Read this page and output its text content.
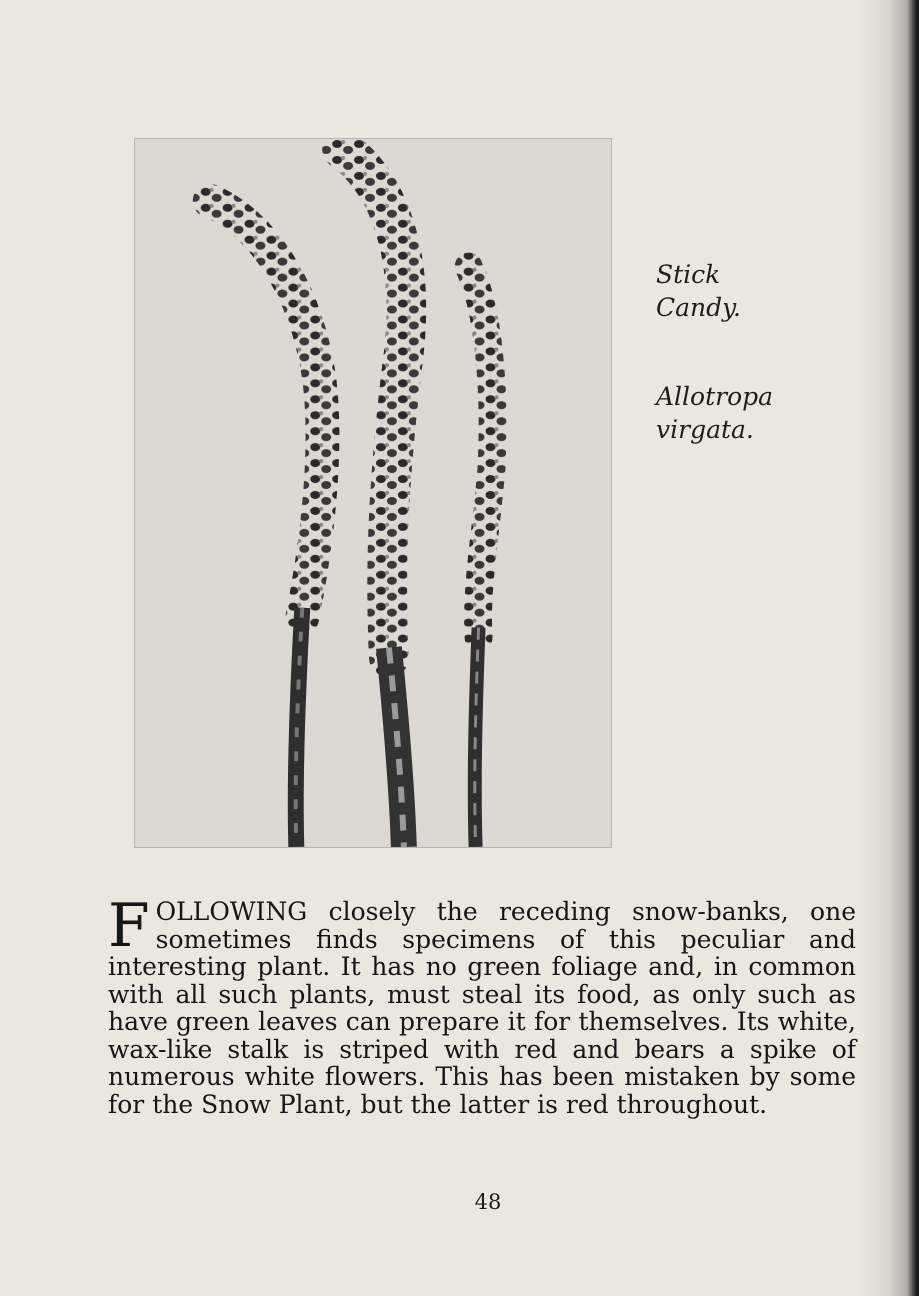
Stick
Candy.
Allotropa
virgata.
FOLLOWING closely the receding snow-banks, one sometimes finds specimens of this peculiar and interesting plant. It has no green foliage and, in common with all such plants, must steal its food, as only such as have green leaves can prepare it for themselves. Its white, wax-like stalk is striped with red and bears a spike of numerous white flowers. This has been mistaken by some for the Snow Plant, but the latter is red throughout.
48
